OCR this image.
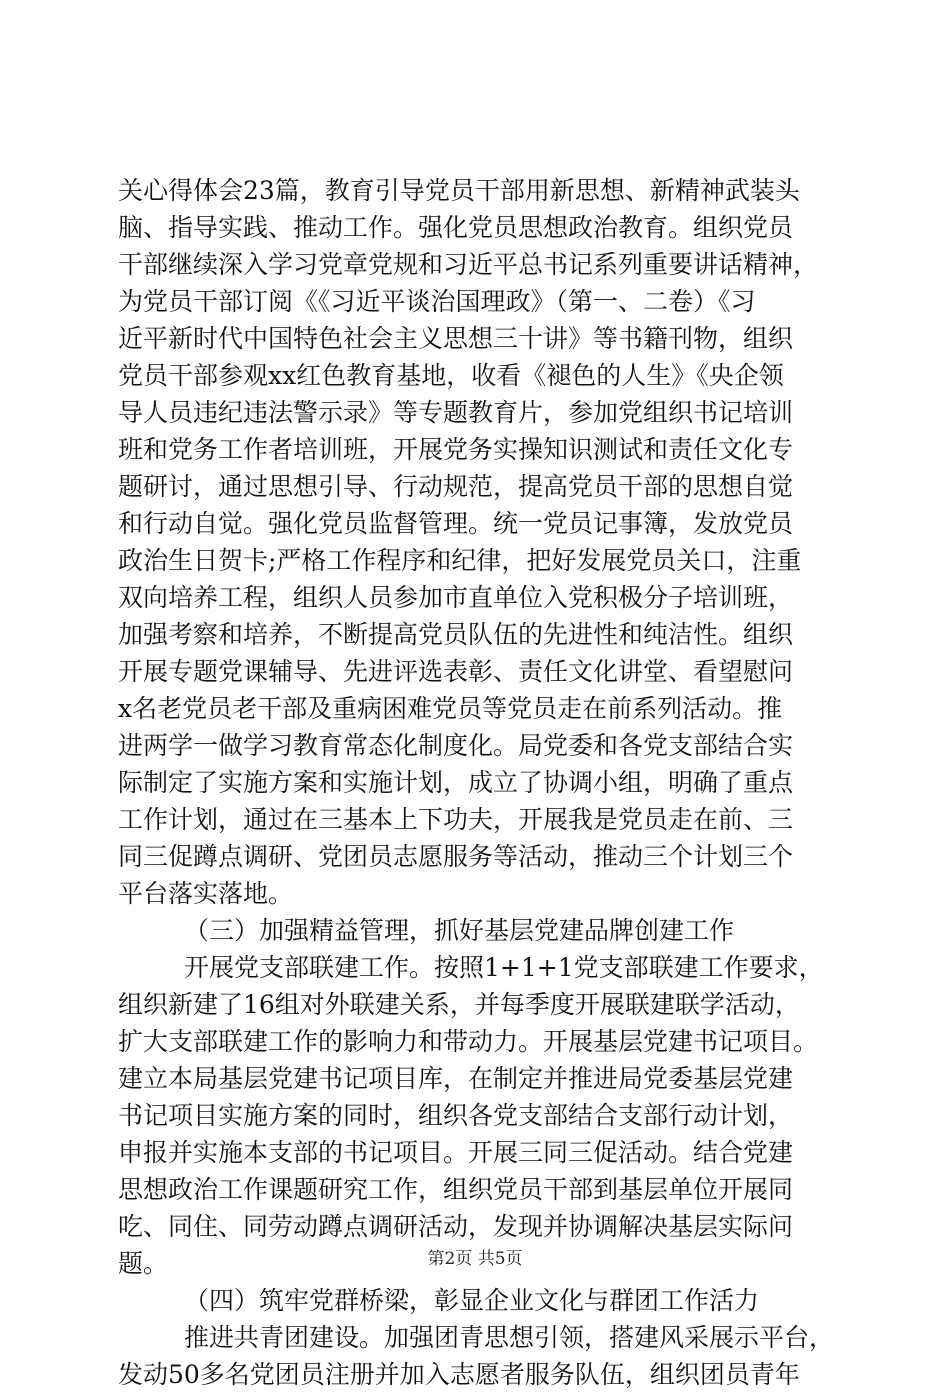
关心得体会23篇，教育引导党员干部用新思想、新精神武装头
脑、指导实践、推动工作。强化党员思想政治教育。组织党员
干部继续深入学习党章党规和习近平总书记系列重要讲话精神，
为党员干部订阅《《习近平谈治国理政》（第一、二卷）《习
近平新时代中国特色社会主义思想三十讲》等书籍刊物，组织
党员干部参观xx红色教育基地，收看《褪色的人生》《央企领
导人员违纪违法警示录》等专题教育片，参加党组织书记培训
班和党务工作者培训班，开展党务实操知识测试和责任文化专
题研讨，通过思想引导、行动规范，提高党员干部的思想自觉
和行动自觉。强化党员监督管理。统一党员记事簿，发放党员
政治生日贺卡;严格工作程序和纪律，把好发展党员关口，注重
双向培养工程，组织人员参加市直单位入党积极分子培训班，
加强考察和培养，不断提高党员队伍的先进性和纯洁性。组织
开展专题党课辅导、先进评选表彰、责任文化讲堂、看望慰问
x名老党员老干部及重病困难党员等党员走在前系列活动。推
进两学一做学习教育常态化制度化。局党委和各党支部结合实
际制定了实施方案和实施计划，成立了协调小组，明确了重点
工作计划，通过在三基本上下功夫，开展我是党员走在前、三
同三促蹲点调研、党团员志愿服务等活动，推动三个计划三个
平台落实落地。
（三）加强精益管理，抓好基层党建品牌创建工作
开展党支部联建工作。按照1+1+1党支部联建工作要求，
组织新建了16组对外联建关系，并每季度开展联建联学活动，
扩大支部联建工作的影响力和带动力。开展基层党建书记项目。
建立本局基层党建书记项目库，在制定并推进局党委基层党建
书记项目实施方案的同时，组织各党支部结合支部行动计划，
申报并实施本支部的书记项目。开展三同三促活动。结合党建
思想政治工作课题研究工作，组织党员干部到基层单位开展同
吃、同住、同劳动蹲点调研活动，发现并协调解决基层实际问
题。
（四）筑牢党群桥梁，彰显企业文化与群团工作活力
推进共青团建设。加强团青思想引领，搭建风采展示平台，
发动50多名党团员注册并加入志愿者服务队伍，组织团员青年
第2页 共5页
